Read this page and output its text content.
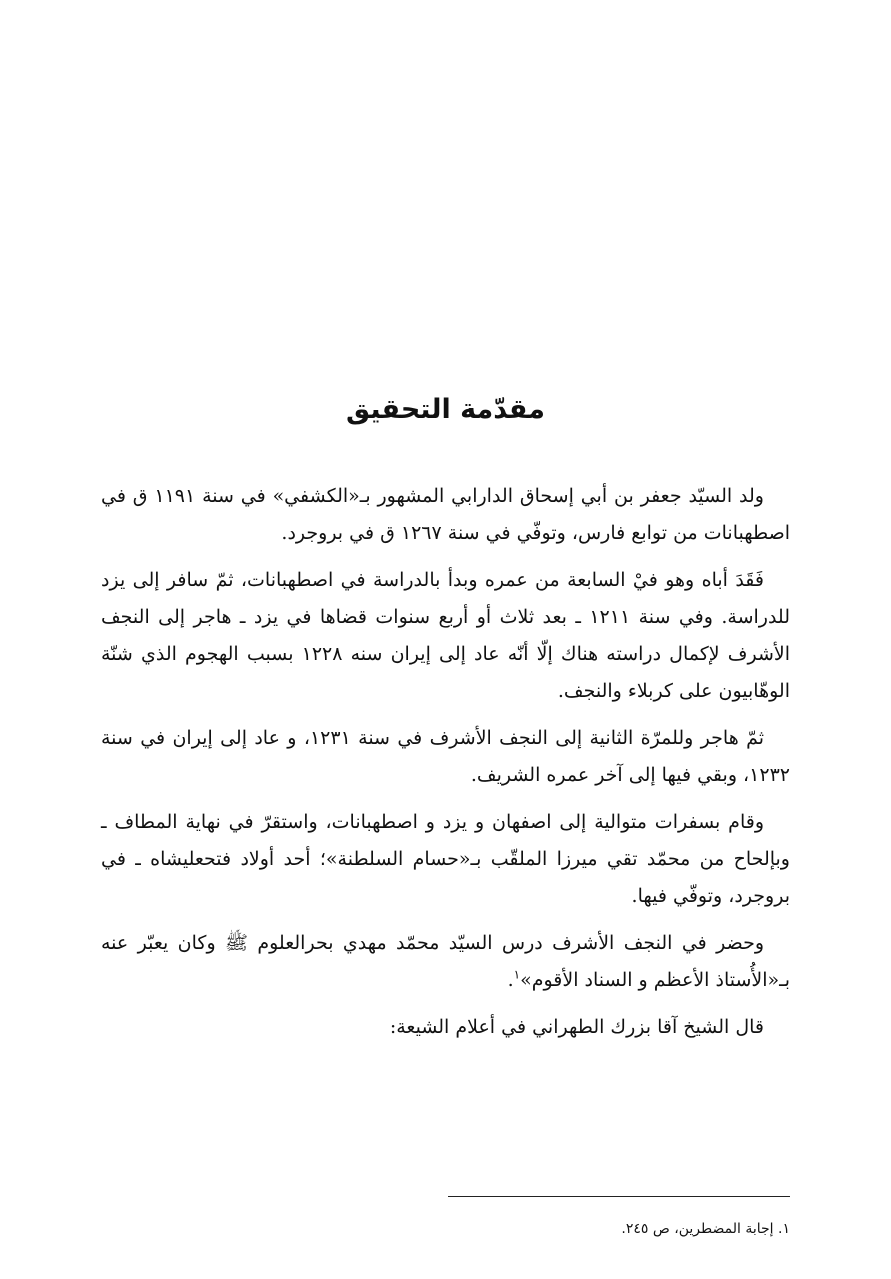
مقدّمة التحقيق

ولد السيّد جعفر بن أبي إسحاق الدارابي المشهور بـ«الكشفي» في سنة ١١٩١ ق في اصطهبانات من توابع فارس، وتوفّي في سنة ١٢٦٧ ق في بروجرد.

فَقَدَ أباه وهو فيْ السابعة من عمره وبدأ بالدراسة في اصطهبانات، ثمّ سافر إلى يزد للدراسة. وفي سنة ١٢١١ ـ بعد ثلاث أو أربع سنوات قضاها في يزد ـ هاجر إلى النجف الأشرف لإكمال دراسته هناك إلّا أنّه عاد إلى إيران سنه ١٢٢٨ بسبب الهجوم الذي شنّة الوهّابيون على كربلاء والنجف.

ثمّ هاجر وللمرّة الثانية إلى النجف الأشرف في سنة ١٢٣١، و عاد إلى إيران في سنة ١٢٣٢، وبقي فيها إلى آخر عمره الشريف.

وقام بسفرات متوالية إلى اصفهان و يزد و اصطهبانات، واستقرّ في نهاية المطاف ـ وبإلحاح من محمّد تقي ميرزا الملقّب بـ«حسام السلطنة»؛ أحد أولاد فتحعليشاه ـ في بروجرد، وتوفّي فيها.

وحضر في النجف الأشرف درس السيّد محمّد مهدي بحرالعلوم ﷺ وكان يعبّر عنه بـ«الأُستاذ الأعظم و السناد الأقوم»$^١$.

قال الشيخ آقا بزرك الطهراني في أعلام الشيعة:

١. إجابة المضطرين، ص ٢٤٥.
